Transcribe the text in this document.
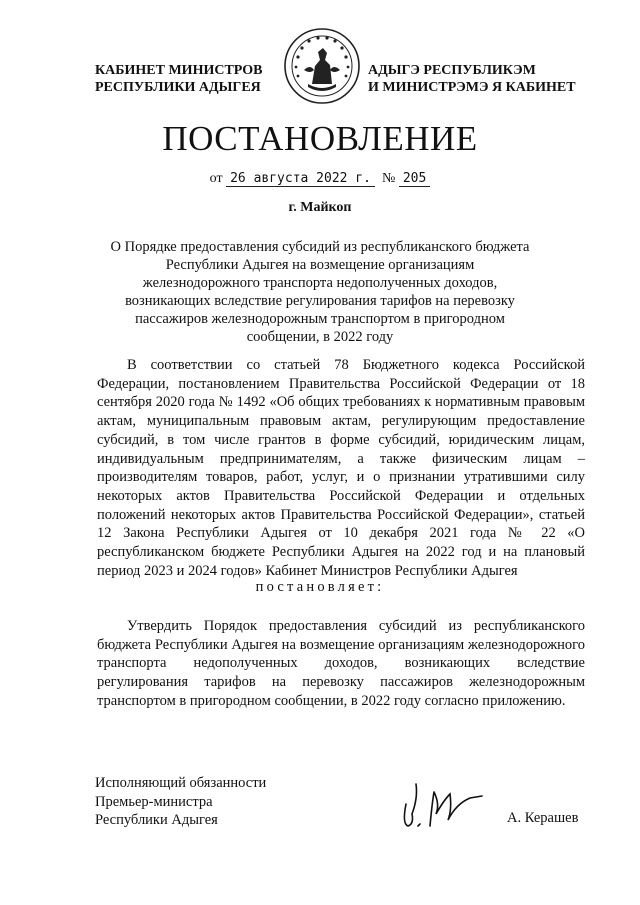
КАБИНЕТ МИНИСТРОВ
РЕСПУБЛИКИ АДЫГЕЯ
АДЫГЭ РЕСПУБЛИКЭМ
И МИНИСТРЭМЭ Я КАБИНЕТ
ПОСТАНОВЛЕНИЕ
от 26 августа 2022 г. № 205
г. Майкоп
О Порядке предоставления субсидий из республиканского бюджета Республики Адыгея на возмещение организациям железнодорожного транспорта недополученных доходов, возникающих вследствие регулирования тарифов на перевозку пассажиров железнодорожным транспортом в пригородном сообщении, в 2022 году

В соответствии со статьей 78 Бюджетного кодекса Российской Федерации, постановлением Правительства Российской Федерации от 18 сентября 2020 года № 1492 «Об общих требованиях к нормативным правовым актам, муниципальным правовым актам, регулирующим предоставление субсидий, в том числе грантов в форме субсидий, юридическим лицам, индивидуальным предпринимателям, а также физическим лицам – производителям товаров, работ, услуг, и о признании утратившими силу некоторых актов Правительства Российской Федерации и отдельных положений некоторых актов Правительства Российской Федерации», статьей 12 Закона Республики Адыгея от 10 декабря 2021 года № 22 «О республиканском бюджете Республики Адыгея на 2022 год и на плановый период 2023 и 2024 годов» Кабинет Министров Республики Адыгея

постановляет:

Утвердить Порядок предоставления субсидий из республиканского бюджета Республики Адыгея на возмещение организациям железнодорожного транспорта недополученных доходов, возникающих вследствие регулирования тарифов на перевозку пассажиров железнодорожным транспортом в пригородном сообщении, в 2022 году согласно приложению.

Исполняющий обязанности
Премьер-министра
Республики Адыгея	А. Керашев
